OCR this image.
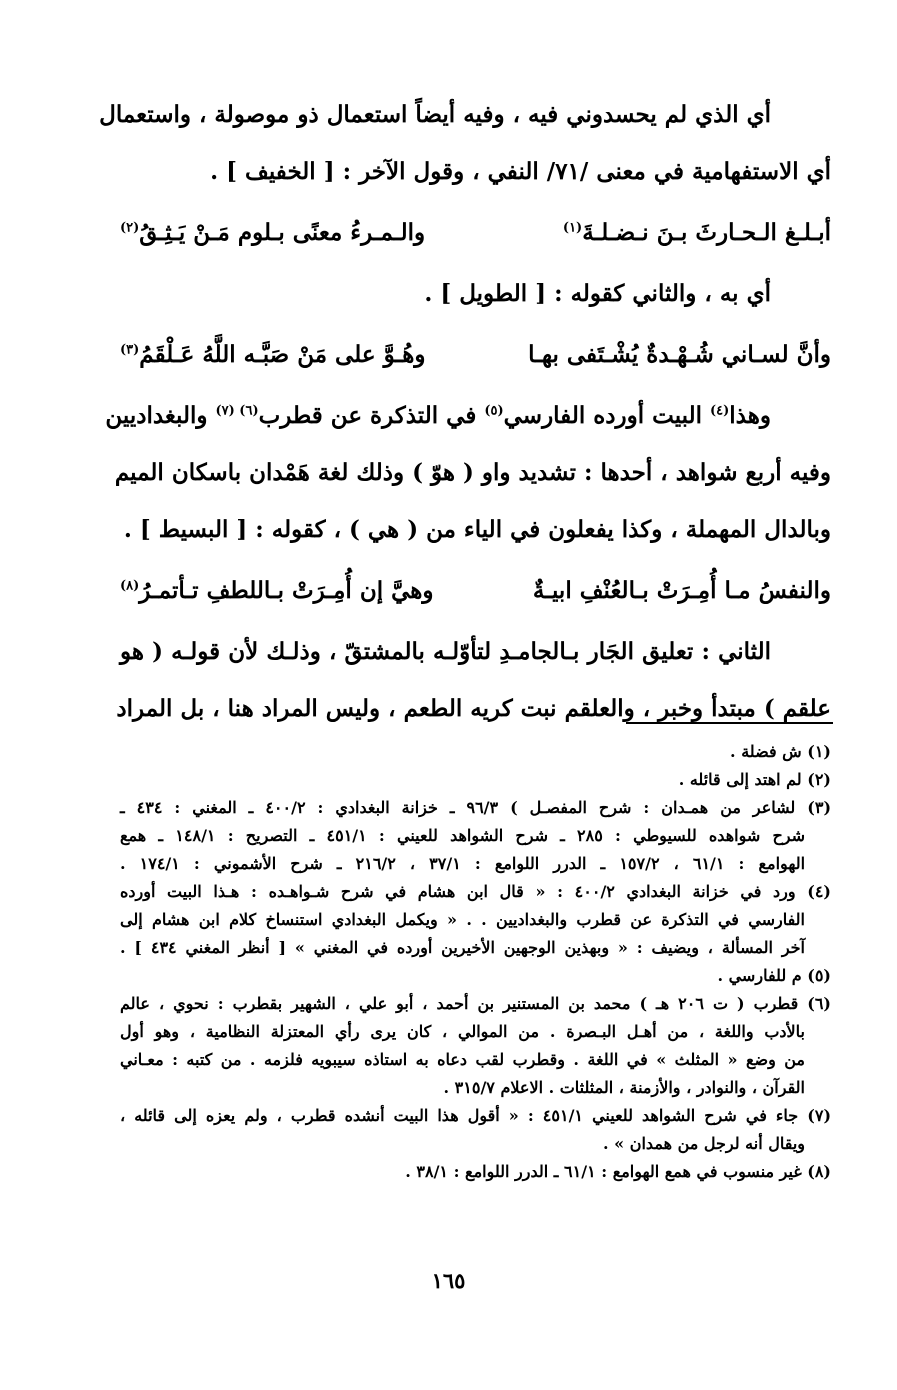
أي الذي لم يحسدوني فيه ، وفيه أيضاً استعمال ذو موصولة ، واستعمال
أي الاستفهامية في معنى /٧١/ النفي ، وقول الآخر : [ الخفيف ] .
أبـلـغ الـحـارثَ بـنَ نـضـلـةَ$^{(١)}$
والـمـرءُ معنًى بـلوم مَـنْ يَـثِـقُ$^{(٢)}$
أي به ، والثاني كقوله : [ الطويل ] .
وأنَّ لسـاني شُـهْـدةٌ يُشْـتَفى بهـا
وهُـوَّ على مَنْ صَبَّـه اللَّهُ عَـلْقَمُ$^{(٣)}$
وهذا$^{(٤)}$ البيت أورده الفارسي$^{(٥)}$ في التذكرة عن قطرب$^{(٦) (٧)}$ والبغداديين
وفيه أربع شواهد ، أحدها : تشديد واو ( هوّ ) وذلك لغة هَمْدان باسكان الميم
وبالدال المهملة ، وكذا يفعلون في الياء من ( هي ) ، كقوله : [ البسيط ] .
والنفسُ مـا أُمِـرَتْ بـالعُنْفِ ابيـةٌ
وهيَّ إن أُمِـرَتْ بـاللطفِ تـأتمـرُ$^{(٨)}$
الثاني : تعليق الجَار بـالجامـدِ لتأوّلـه بالمشتقّ ، وذلـك لأن قولـه ( هو
علقم ) مبتدأ وخبر ، والعلقم نبت كريه الطعم ، وليس المراد هنا ، بل المراد
(١) ش فضلة .
(٢) لم اهتد إلى قائله .
(٣) لشاعر من همـدان : شرح المفصـل ) ٩٦/٣ ـ خزانة البغدادي : ٤٠٠/٢ ـ المغني : ٤٣٤ ـ
شرح شواهده للسيوطي : ٢٨٥ ـ شرح الشواهد للعيني : ٤٥١/١ ـ التصريح : ١٤٨/١ ـ همع
الهوامع : ٦١/١ ، ١٥٧/٢ ـ الدرر اللوامع : ٣٧/١ ، ٢١٦/٢ ـ شرح الأشموني : ١٧٤/١ .
(٤) ورد في خزانة البغدادي ٤٠٠/٢ : « قال ابن هشام في شرح شـواهـده : هـذا البيت أورده
الفارسي في التذكرة عن قطرب والبغداديين . . « ويكمل البغدادي استنساخ كلام ابن هشام إلى
آخر المسألة ، ويضيف : « وبهذين الوجهين الأخيرين أورده في المغني » [ أنظر المغني ٤٣٤ ] .
(٥) م للفارسي .
(٦) قطرب ( ت ٢٠٦ هـ ) محمد بن المستنير بن أحمد ، أبو علي ، الشهير بقطرب : نحوي ، عالم
بالأدب واللغة ، من أهـل البـصرة . من الموالي ، كان يرى رأي المعتزلة النظامية ، وهو أول
من وضع « المثلث » في اللغة . وقطرب لقب دعاه به استاذه سيبويه فلزمه . من كتبه : معـاني
القرآن ، والنوادر ، والأزمنة ، المثلثات . الاعلام ٣١٥/٧ .
(٧) جاء في شرح الشواهد للعيني ٤٥١/١ : « أقول هذا البيت أنشده قطرب ، ولم يعزه إلى قائله ،
ويقال أنه لرجل من همدان » .
(٨) غير منسوب في همع الهوامع : ٦١/١ ـ الدرر اللوامع : ٣٨/١ .
١٦٥
